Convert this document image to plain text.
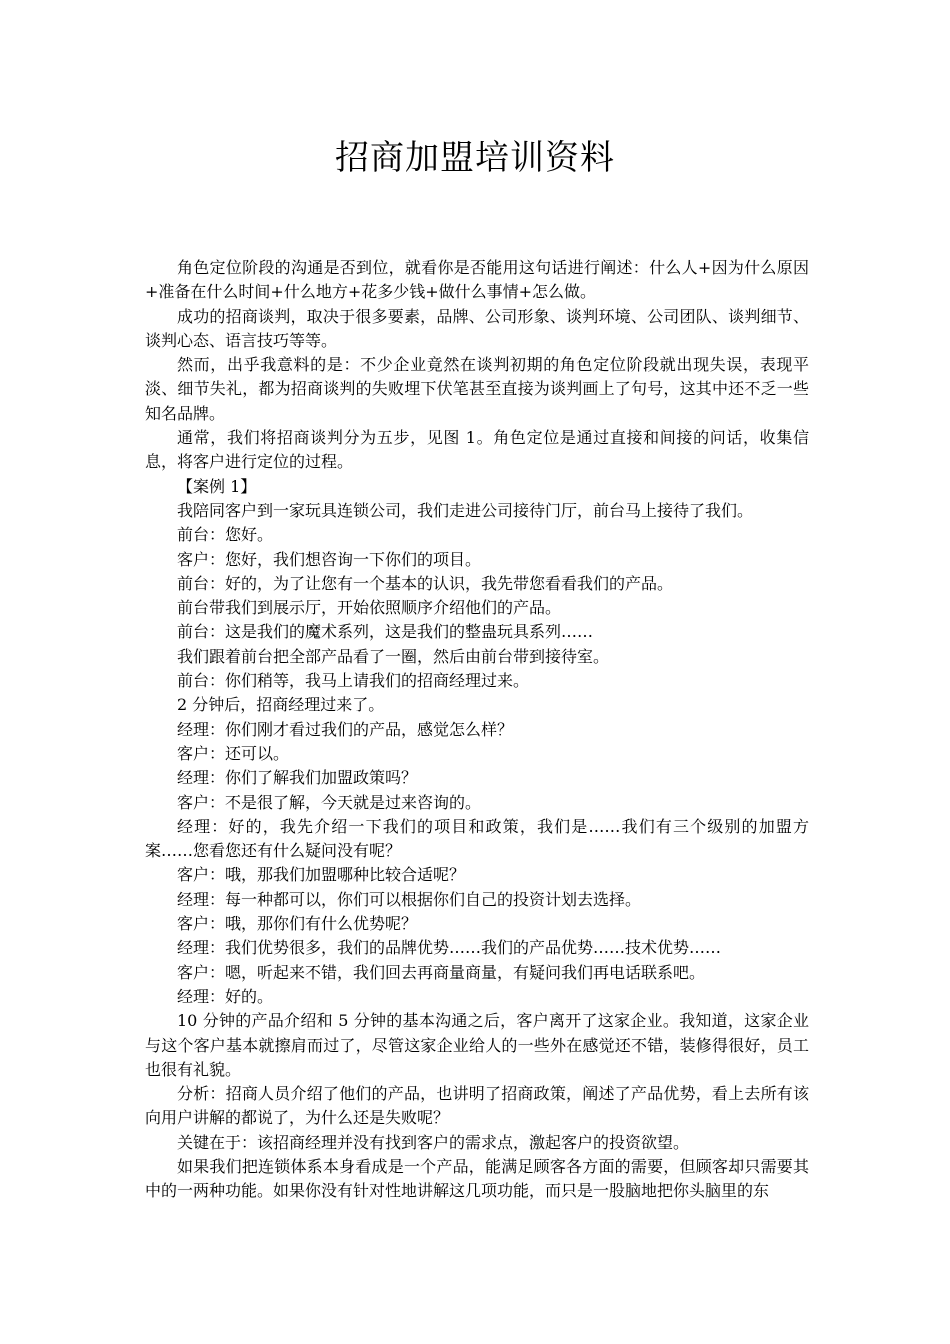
招商加盟培训资料

角色定位阶段的沟通是否到位，就看你是否能用这句话进行阐述：什么人+因为什么原因+准备在什么时间+什么地方+花多少钱+做什么事情+怎么做。

成功的招商谈判，取决于很多要素，品牌、公司形象、谈判环境、公司团队、谈判细节、谈判心态、语言技巧等等。

然而，出乎我意料的是：不少企业竟然在谈判初期的角色定位阶段就出现失误，表现平淡、细节失礼，都为招商谈判的失败埋下伏笔甚至直接为谈判画上了句号，这其中还不乏一些知名品牌。

通常，我们将招商谈判分为五步，见图 1。角色定位是通过直接和间接的问话，收集信息，将客户进行定位的过程。

【案例 1】

我陪同客户到一家玩具连锁公司，我们走进公司接待门厅，前台马上接待了我们。

前台：您好。

客户：您好，我们想咨询一下你们的项目。

前台：好的，为了让您有一个基本的认识，我先带您看看我们的产品。

前台带我们到展示厅，开始依照顺序介绍他们的产品。

前台：这是我们的魔术系列，这是我们的整蛊玩具系列……

我们跟着前台把全部产品看了一圈，然后由前台带到接待室。

前台：你们稍等，我马上请我们的招商经理过来。

2 分钟后，招商经理过来了。

经理：你们刚才看过我们的产品，感觉怎么样？

客户：还可以。

经理：你们了解我们加盟政策吗？

客户：不是很了解，今天就是过来咨询的。

经理：好的，我先介绍一下我们的项目和政策，我们是……我们有三个级别的加盟方案……您看您还有什么疑问没有呢？

客户：哦，那我们加盟哪种比较合适呢？

经理：每一种都可以，你们可以根据你们自己的投资计划去选择。

客户：哦，那你们有什么优势呢？

经理：我们优势很多，我们的品牌优势……我们的产品优势……技术优势……

客户：嗯，听起来不错，我们回去再商量商量，有疑问我们再电话联系吧。

经理：好的。

10 分钟的产品介绍和 5 分钟的基本沟通之后，客户离开了这家企业。我知道，这家企业与这个客户基本就擦肩而过了，尽管这家企业给人的一些外在感觉还不错，装修得很好，员工也很有礼貌。

分析：招商人员介绍了他们的产品，也讲明了招商政策，阐述了产品优势，看上去所有该向用户讲解的都说了，为什么还是失败呢？

关键在于：该招商经理并没有找到客户的需求点，激起客户的投资欲望。

如果我们把连锁体系本身看成是一个产品，能满足顾客各方面的需要，但顾客却只需要其中的一两种功能。如果你没有针对性地讲解这几项功能，而只是一股脑地把你头脑里的东
